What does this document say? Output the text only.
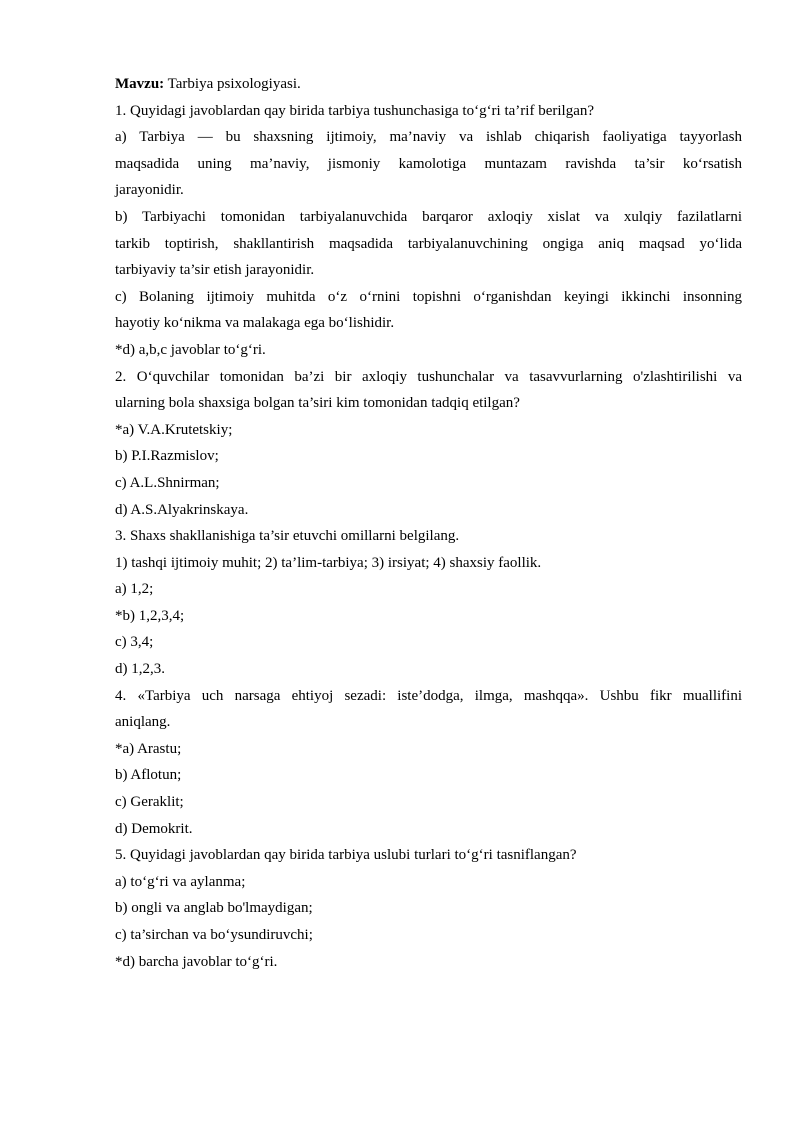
Mavzu: Tarbiya psixologiyasi.

1. Quyidagi javoblardan qay birida tarbiya tushunchasiga to‘g‘ri ta’rif berilgan?

a) Tarbiya — bu shaxsning ijtimoiy, ma’naviy va ishlab chiqarish faoliyatiga tayyorlash

maqsadida uning ma’naviy, jismoniy kamolotiga muntazam ravishda ta’sir ko‘rsatish

jarayonidir.

b) Tarbiyachi tomonidan tarbiyalanuvchida barqaror axloqiy xislat va xulqiy fazilatlarni

tarkib toptirish, shakllantirish maqsadida tarbiyalanuvchining ongiga aniq maqsad yo‘lida

tarbiyaviy ta’sir etish jarayonidir.

c) Bolaning ijtimoiy muhitda o‘z o‘rnini topishni o‘rganishdan keyingi ikkinchi insonning

hayotiy ko‘nikma va malakaga ega bo‘lishidir.

*d) a,b,c javoblar to‘g‘ri.

2. O‘quvchilar tomonidan ba’zi bir axloqiy tushunchalar va tasavvurlarning o'zlashtirilishi va

ularning bola shaxsiga bolgan ta’siri kim tomonidan tadqiq etilgan?

*a) V.A.Krutetskiy;

b) P.I.Razmislov;

c) A.L.Shnirman;

d) A.S.Alyakrinskaya.

3. Shaxs shakllanishiga ta’sir etuvchi omillarni belgilang.

1) tashqi ijtimoiy muhit; 2) ta’lim-tarbiya; 3) irsiyat; 4) shaxsiy faollik.

a) 1,2;

*b) 1,2,3,4;

c) 3,4;

d) 1,2,3.

4. «Tarbiya uch narsaga ehtiyoj sezadi: iste’dodga, ilmga, mashqqa». Ushbu fikr muallifini

aniqlang.

*a) Arastu;

b) Aflotun;

c) Geraklit;

d) Demokrit.

5. Quyidagi javoblardan qay birida tarbiya uslubi turlari to‘g‘ri tasniflangan?

a) to‘g‘ri va aylanma;

b) ongli va anglab bo'lmaydigan;

c) ta’sirchan va bo‘ysundiruvchi;

*d) barcha javoblar to‘g‘ri.
